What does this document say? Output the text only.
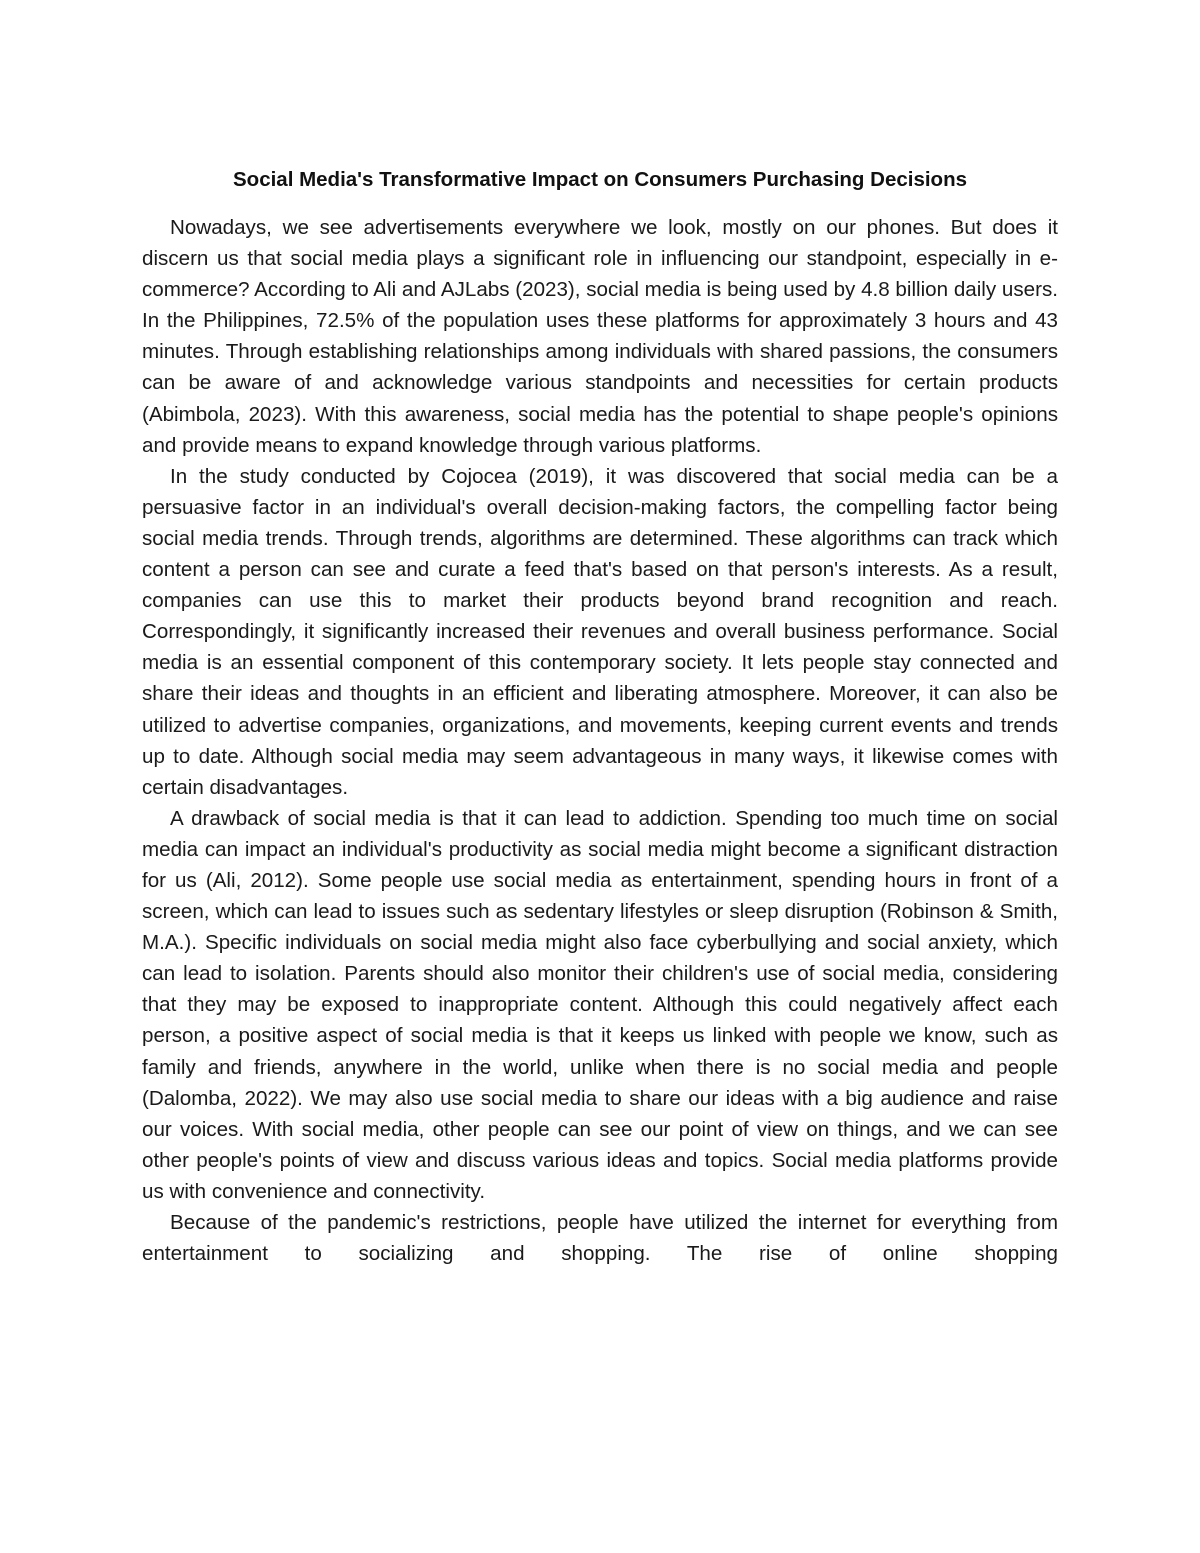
Social Media's Transformative Impact on Consumers Purchasing Decisions

Nowadays, we see advertisements everywhere we look, mostly on our phones. But does it discern us that social media plays a significant role in influencing our standpoint, especially in e-commerce? According to Ali and AJLabs (2023), social media is being used by 4.8 billion daily users. In the Philippines, 72.5% of the population uses these platforms for approximately 3 hours and 43 minutes. Through establishing relationships among individuals with shared passions, the consumers can be aware of and acknowledge various standpoints and necessities for certain products (Abimbola, 2023). With this awareness, social media has the potential to shape people's opinions and provide means to expand knowledge through various platforms.

In the study conducted by Cojocea (2019), it was discovered that social media can be a persuasive factor in an individual's overall decision-making factors, the compelling factor being social media trends. Through trends, algorithms are determined. These algorithms can track which content a person can see and curate a feed that's based on that person's interests. As a result, companies can use this to market their products beyond brand recognition and reach. Correspondingly, it significantly increased their revenues and overall business performance. Social media is an essential component of this contemporary society. It lets people stay connected and share their ideas and thoughts in an efficient and liberating atmosphere. Moreover, it can also be utilized to advertise companies, organizations, and movements, keeping current events and trends up to date. Although social media may seem advantageous in many ways, it likewise comes with certain disadvantages.

A drawback of social media is that it can lead to addiction. Spending too much time on social media can impact an individual's productivity as social media might become a significant distraction for us (Ali, 2012). Some people use social media as entertainment, spending hours in front of a screen, which can lead to issues such as sedentary lifestyles or sleep disruption (Robinson & Smith, M.A.). Specific individuals on social media might also face cyberbullying and social anxiety, which can lead to isolation. Parents should also monitor their children's use of social media, considering that they may be exposed to inappropriate content. Although this could negatively affect each person, a positive aspect of social media is that it keeps us linked with people we know, such as family and friends, anywhere in the world, unlike when there is no social media and people (Dalomba, 2022). We may also use social media to share our ideas with a big audience and raise our voices. With social media, other people can see our point of view on things, and we can see other people's points of view and discuss various ideas and topics. Social media platforms provide us with convenience and connectivity.

Because of the pandemic's restrictions, people have utilized the internet for everything from entertainment to socializing and shopping. The rise of online shopping
